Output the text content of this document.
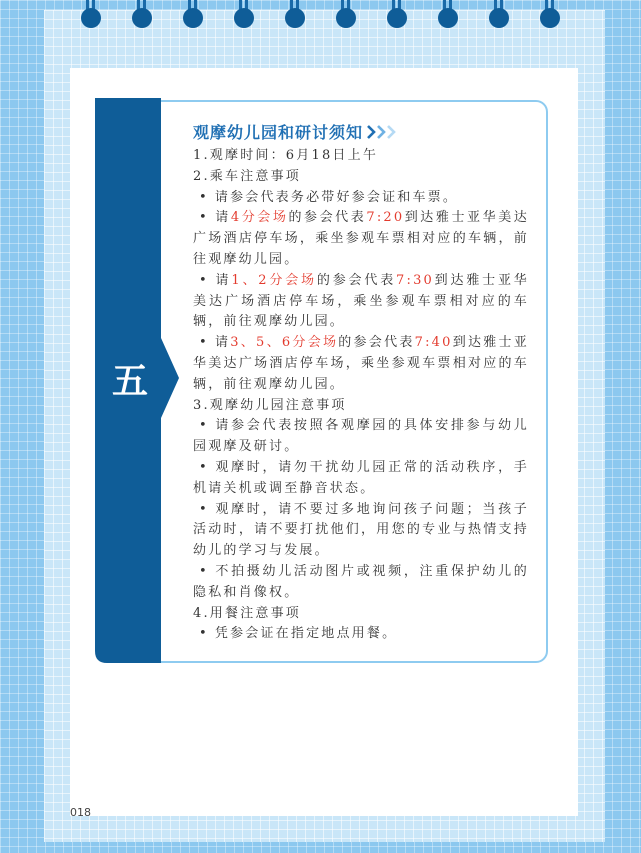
五
观摩幼儿园和研讨须知
1.观摩时间：6月18日上午
2.乘车注意事项
• 请参会代表务必带好参会证和车票。
• 请4分会场的参会代表7:20到达雅士亚华美达广场酒店停车场，乘坐参观车票相对应的车辆，前往观摩幼儿园。
• 请1、2分会场的参会代表7:30到达雅士亚华美达广场酒店停车场，乘坐参观车票相对应的车辆，前往观摩幼儿园。
• 请3、5、6分会场的参会代表7:40到达雅士亚华美达广场酒店停车场，乘坐参观车票相对应的车辆，前往观摩幼儿园。
3.观摩幼儿园注意事项
• 请参会代表按照各观摩园的具体安排参与幼儿园观摩及研讨。
• 观摩时，请勿干扰幼儿园正常的活动秩序，手机请关机或调至静音状态。
• 观摩时，请不要过多地询问孩子问题；当孩子活动时，请不要打扰他们，用您的专业与热情支持幼儿的学习与发展。
• 不拍摄幼儿活动图片或视频，注重保护幼儿的隐私和肖像权。
4.用餐注意事项
• 凭参会证在指定地点用餐。
018
